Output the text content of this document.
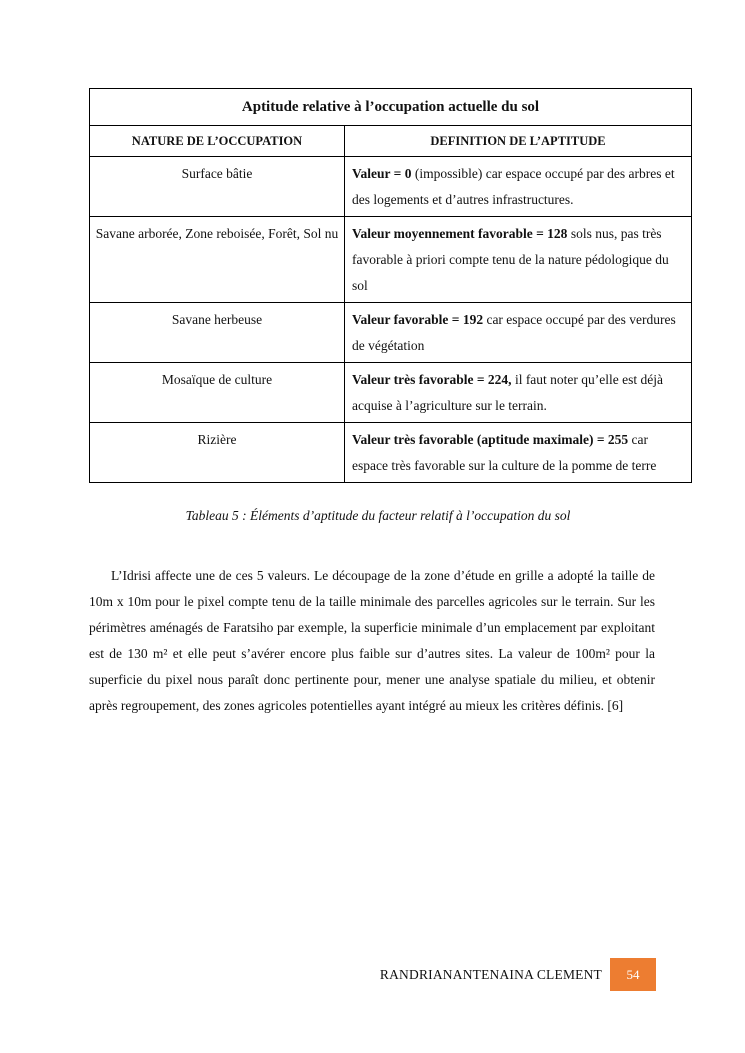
Aptitude relative à l’occupation actuelle du sol	
NATURE DE L’OCCUPATION	DEFINITION DE L’APTITUDE
Surface bâtie	Valeur = 0 (impossible) car espace occupé par des arbres et des logements et d’autres infrastructures.
Savane arborée, Zone reboisée, Forêt, Sol nu	Valeur moyennement favorable = 128 sols nus, pas très favorable à priori compte tenu de la nature pédologique du sol
Savane herbeuse	Valeur favorable = 192 car espace occupé par des verdures de végétation
Mosaïque de culture	Valeur très favorable = 224, il faut noter qu’elle est déjà acquise à l’agriculture sur le terrain.
Rizière	Valeur très favorable (aptitude maximale) = 255 car espace très favorable sur la culture de la pomme de terre
Tableau 5 : Éléments d’aptitude du facteur relatif à l’occupation du sol

L’Idrisi affecte une de ces 5 valeurs. Le découpage de la zone d’étude en grille a adopté la taille de 10m x 10m pour le pixel compte tenu de la taille minimale des parcelles agricoles sur le terrain. Sur les périmètres aménagés de Faratsiho par exemple, la superficie minimale d’un emplacement par exploitant est de 130 m² et elle peut s’avérer encore plus faible sur d’autres sites. La valeur de 100m² pour la superficie du pixel nous paraît donc pertinente pour, mener une analyse spatiale du milieu, et obtenir après regroupement, des zones agricoles potentielles ayant intégré au mieux les critères définis. [6]

RANDRIANANTENAINA CLEMENT	54
